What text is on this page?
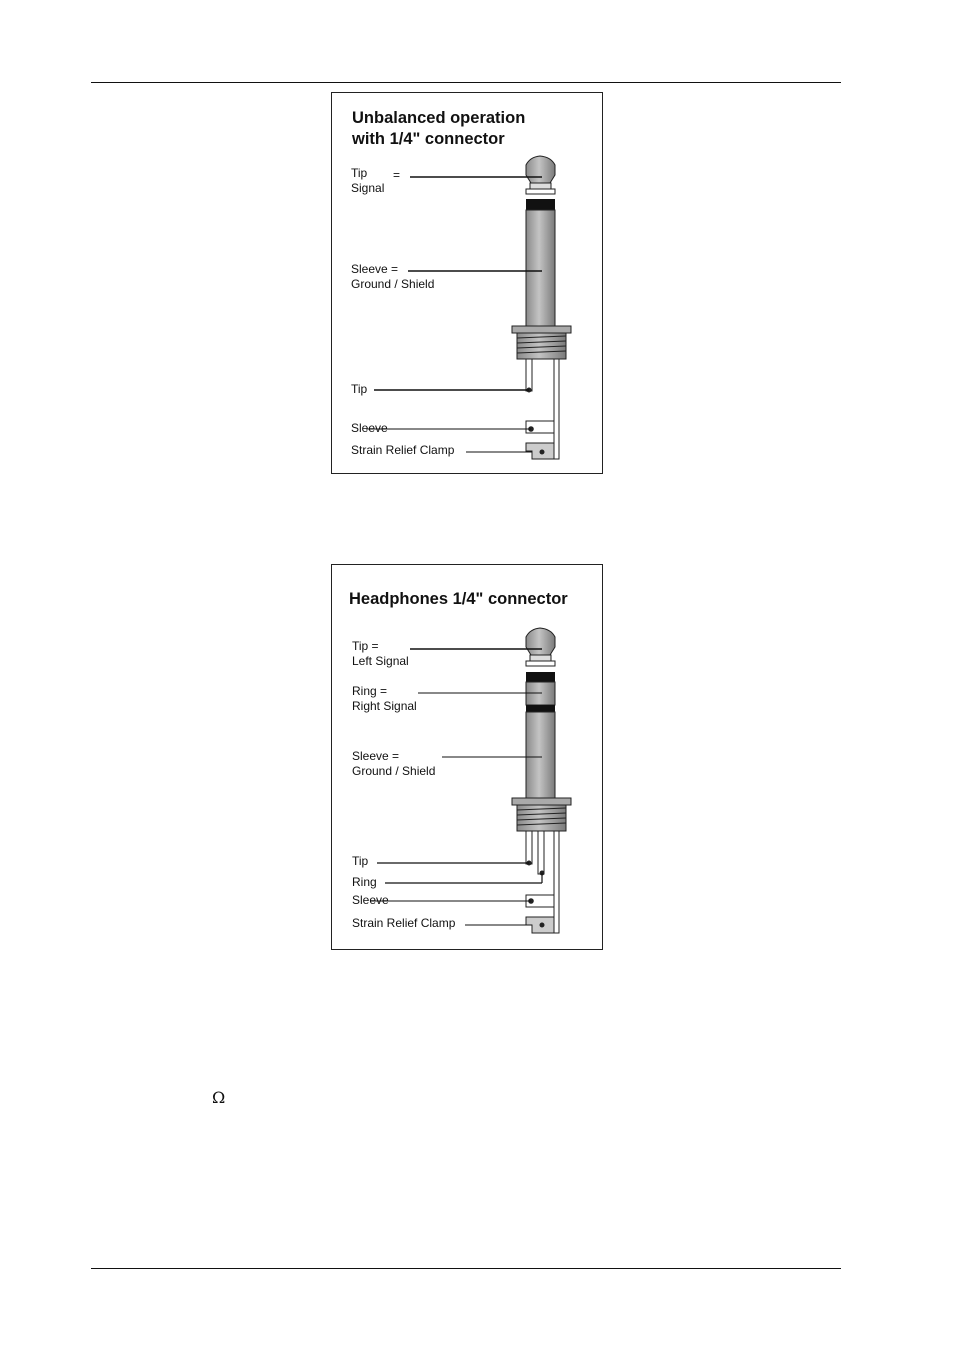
Unbalanced operation
with 1/4" connector
Tip
Signal
=
Sleeve =
Ground / Shield
Tip
Sleeve
Strain Relief Clamp
Headphones 1/4" connector
Tip =
Left Signal
Ring =
Right Signal
Sleeve =
Ground / Shield
Tip
Ring
Sleeve
Strain Relief Clamp
Ω
